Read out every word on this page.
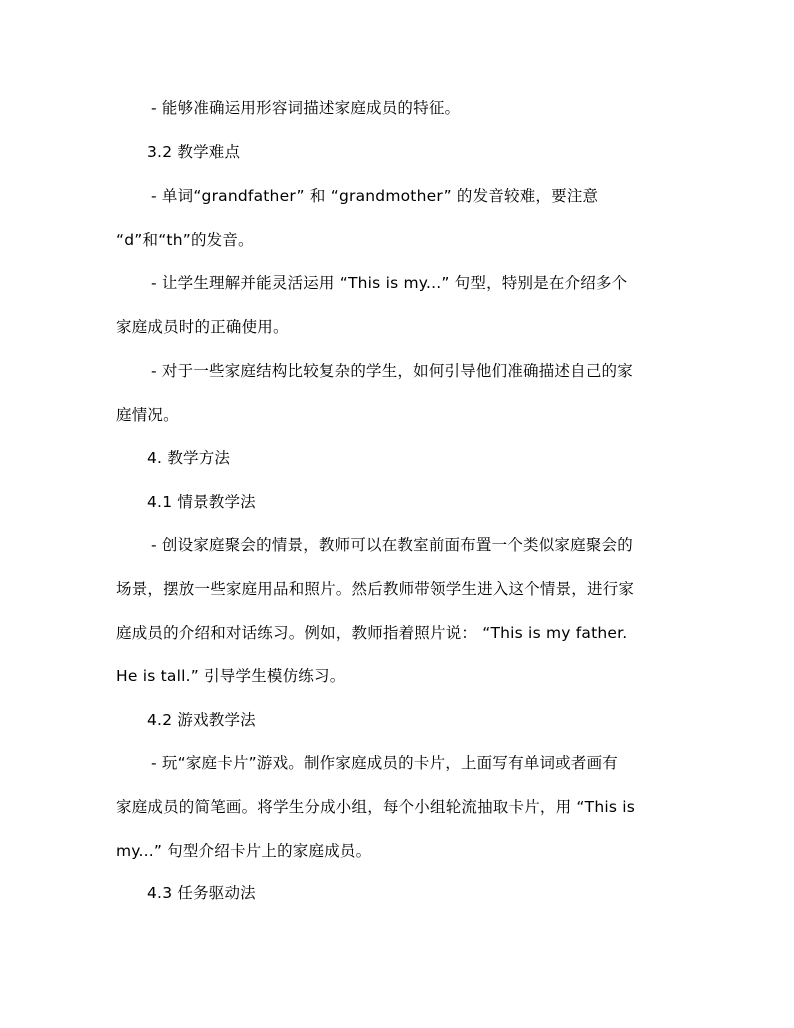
- 能够准确运用形容词描述家庭成员的特征。
3.2 教学难点
- 单词“grandfather” 和 “grandmother” 的发音较难，要注意
“d”和“th”的发音。
- 让学生理解并能灵活运用 “This is my...” 句型，特别是在介绍多个
家庭成员时的正确使用。
- 对于一些家庭结构比较复杂的学生，如何引导他们准确描述自己的家
庭情况。
4. 教学方法
4.1 情景教学法
- 创设家庭聚会的情景，教师可以在教室前面布置一个类似家庭聚会的
场景，摆放一些家庭用品和照片。然后教师带领学生进入这个情景，进行家
庭成员的介绍和对话练习。例如，教师指着照片说： “This is my father.
He is tall.” 引导学生模仿练习。
4.2 游戏教学法
- 玩“家庭卡片”游戏。制作家庭成员的卡片，上面写有单词或者画有
家庭成员的简笔画。将学生分成小组，每个小组轮流抽取卡片，用 “This is
my...” 句型介绍卡片上的家庭成员。
4.3 任务驱动法
